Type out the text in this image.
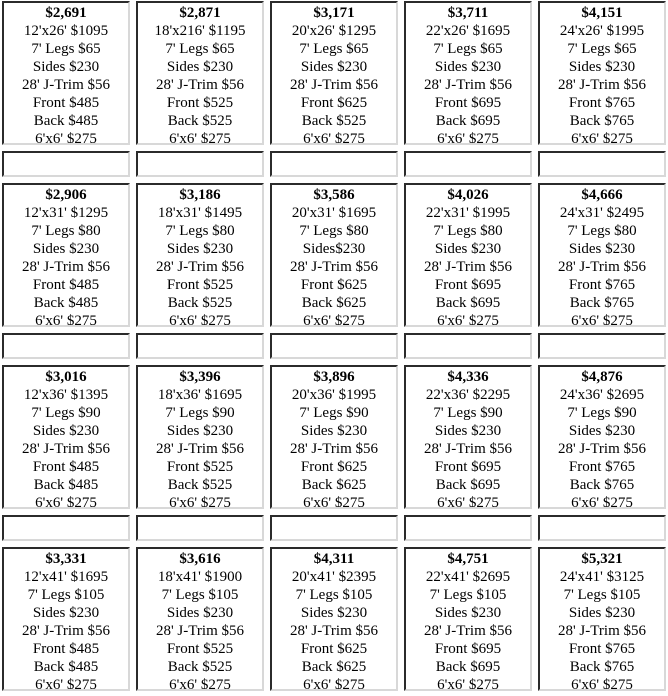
$2,691
12'x26' $1095
7' Legs $65
Sides $230
28' J-Trim $56
Front $485
Back $485
6'x6' $275
$2,871
18'x216' $1195
7' Legs $65
Sides $230
28' J-Trim $56
Front $525
Back $525
6'x6' $275
$3,171
20'x26' $1295
7' Legs $65
Sides $230
28' J-Trim $56
Front $625
Back $525
6'x6' $275
$3,711
22'x26' $1695
7' Legs $65
Sides $230
28' J-Trim $56
Front $695
Back $695
6'x6' $275
$4,151
24'x26' $1995
7' Legs $65
Sides $230
28' J-Trim $56
Front $765
Back $765
6'x6' $275
$2,906
12'x31' $1295
7' Legs $80
Sides $230
28' J-Trim $56
Front $485
Back $485
6'x6' $275
$3,186
18'x31' $1495
7' Legs $80
Sides $230
28' J-Trim $56
Front $525
Back $525
6'x6' $275
$3,586
20'x31' $1695
7' Legs $80
Sides$230
28' J-Trim $56
Front $625
Back $625
6'x6' $275
$4,026
22'x31' $1995
7' Legs $80
Sides $230
28' J-Trim $56
Front $695
Back $695
6'x6' $275
$4,666
24'x31' $2495
7' Legs $80
Sides $230
28' J-Trim $56
Front $765
Back $765
6'x6' $275
$3,016
12'x36' $1395
7' Legs $90
Sides $230
28' J-Trim $56
Front $485
Back $485
6'x6' $275
$3,396
18'x36' $1695
7' Legs $90
Sides $230
28' J-Trim $56
Front $525
Back $525
6'x6' $275
$3,896
20'x36' $1995
7' Legs $90
Sides $230
28' J-Trim $56
Front $625
Back $625
6'x6' $275
$4,336
22'x36' $2295
7' Legs $90
Sides $230
28' J-Trim $56
Front $695
Back $695
6'x6' $275
$4,876
24'x36' $2695
7' Legs $90
Sides $230
28' J-Trim $56
Front $765
Back $765
6'x6' $275
$3,331
12'x41' $1695
7' Legs $105
Sides $230
28' J-Trim $56
Front $485
Back $485
6'x6' $275
$3,616
18'x41' $1900
7' Legs $105
Sides $230
28' J-Trim $56
Front $525
Back $525
6'x6' $275
$4,311
20'x41' $2395
7' Legs $105
Sides $230
28' J-Trim $56
Front $625
Back $625
6'x6' $275
$4,751
22'x41' $2695
7' Legs $105
Sides $230
28' J-Trim $56
Front $695
Back $695
6'x6' $275
$5,321
24'x41' $3125
7' Legs $105
Sides $230
28' J-Trim $56
Front $765
Back $765
6'x6' $275
